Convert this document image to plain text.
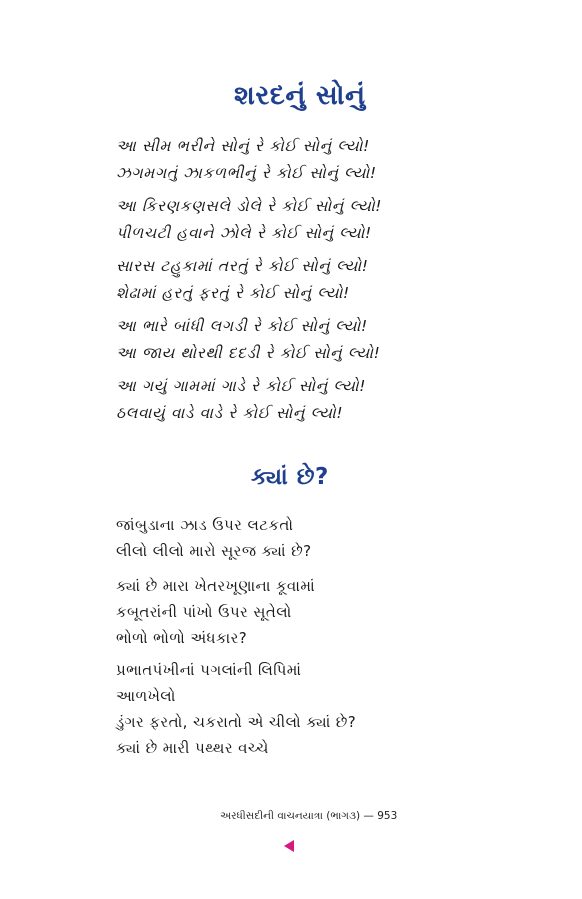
શરદનું સોનું
આ સીમ ભરીને સોનું રે કોઈ સોનું લ્યો!
ઝગમગતું ઝાકળભીનું રે કોઈ સોનું લ્યો!
આ કિરણકણસલે ડોલે રે કોઈ સોનું લ્યો!
પીળચટી હવાને ઝોલે રે કોઈ સોનું લ્યો!
સારસ ટહુકામાં તરતું રે કોઈ સોનું લ્યો!
શેઢામાં હરતું ફરતું રે કોઈ સોનું લ્યો!
આ ભારે બાંધી લગડી રે કોઈ સોનું લ્યો!
આ જાય થોરથી દદડી રે કોઈ સોનું લ્યો!
આ ગયું ગામમાં ગાડે રે કોઈ સોનું લ્યો!
ઠલવાયું વાડે વાડે રે કોઈ સોનું લ્યો!
ક્યાં છે?
જાંબુડાના ઝાડ ઉપર લટકતો
લીલો લીલો મારો સૂરજ ક્યાં છે?
ક્યાં છે મારા ખેતરખૂણાના કૂવામાં
કબૂતરાંની પાંખો ઉપર સૂતેલો
ભોળો ભોળો અંધકાર?
પ્રભાતપંખીનાં પગલાંની લિપિમાં
આળખેલો
ડુંગર ફરતો, ચકરાતો એ ચીલો ક્યાં છે?
ક્યાં છે મારી પથ્થર વચ્ચે
અરધીસદીની વાચનયાત્રા (ભાગ૩) — 953
